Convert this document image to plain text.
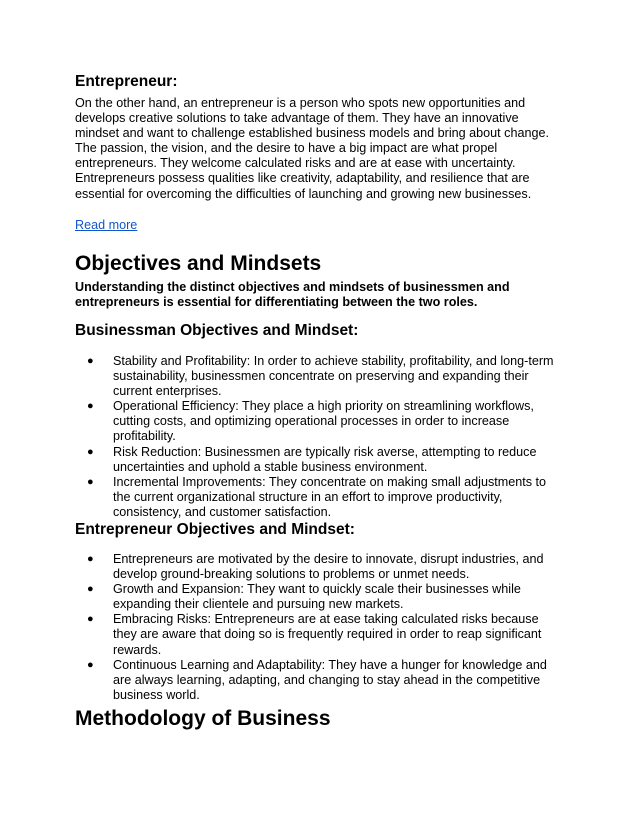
Entrepreneur:
On the other hand, an entrepreneur is a person who spots new opportunities and develops creative solutions to take advantage of them. They have an innovative mindset and want to challenge established business models and bring about change. The passion, the vision, and the desire to have a big impact are what propel entrepreneurs. They welcome calculated risks and are at ease with uncertainty. Entrepreneurs possess qualities like creativity, adaptability, and resilience that are essential for overcoming the difficulties of launching and growing new businesses.
Read more
Objectives and Mindsets
Understanding the distinct objectives and mindsets of businessmen and entrepreneurs is essential for differentiating between the two roles.
Businessman Objectives and Mindset:
● Stability and Profitability: In order to achieve stability, profitability, and long-term sustainability, businessmen concentrate on preserving and expanding their current enterprises.
● Operational Efficiency: They place a high priority on streamlining workflows, cutting costs, and optimizing operational processes in order to increase profitability.
● Risk Reduction: Businessmen are typically risk averse, attempting to reduce uncertainties and uphold a stable business environment.
● Incremental Improvements: They concentrate on making small adjustments to the current organizational structure in an effort to improve productivity, consistency, and customer satisfaction.
Entrepreneur Objectives and Mindset:
● Entrepreneurs are motivated by the desire to innovate, disrupt industries, and develop ground-breaking solutions to problems or unmet needs.
● Growth and Expansion: They want to quickly scale their businesses while expanding their clientele and pursuing new markets.
● Embracing Risks: Entrepreneurs are at ease taking calculated risks because they are aware that doing so is frequently required in order to reap significant rewards.
● Continuous Learning and Adaptability: They have a hunger for knowledge and are always learning, adapting, and changing to stay ahead in the competitive business world.
Methodology of Business
